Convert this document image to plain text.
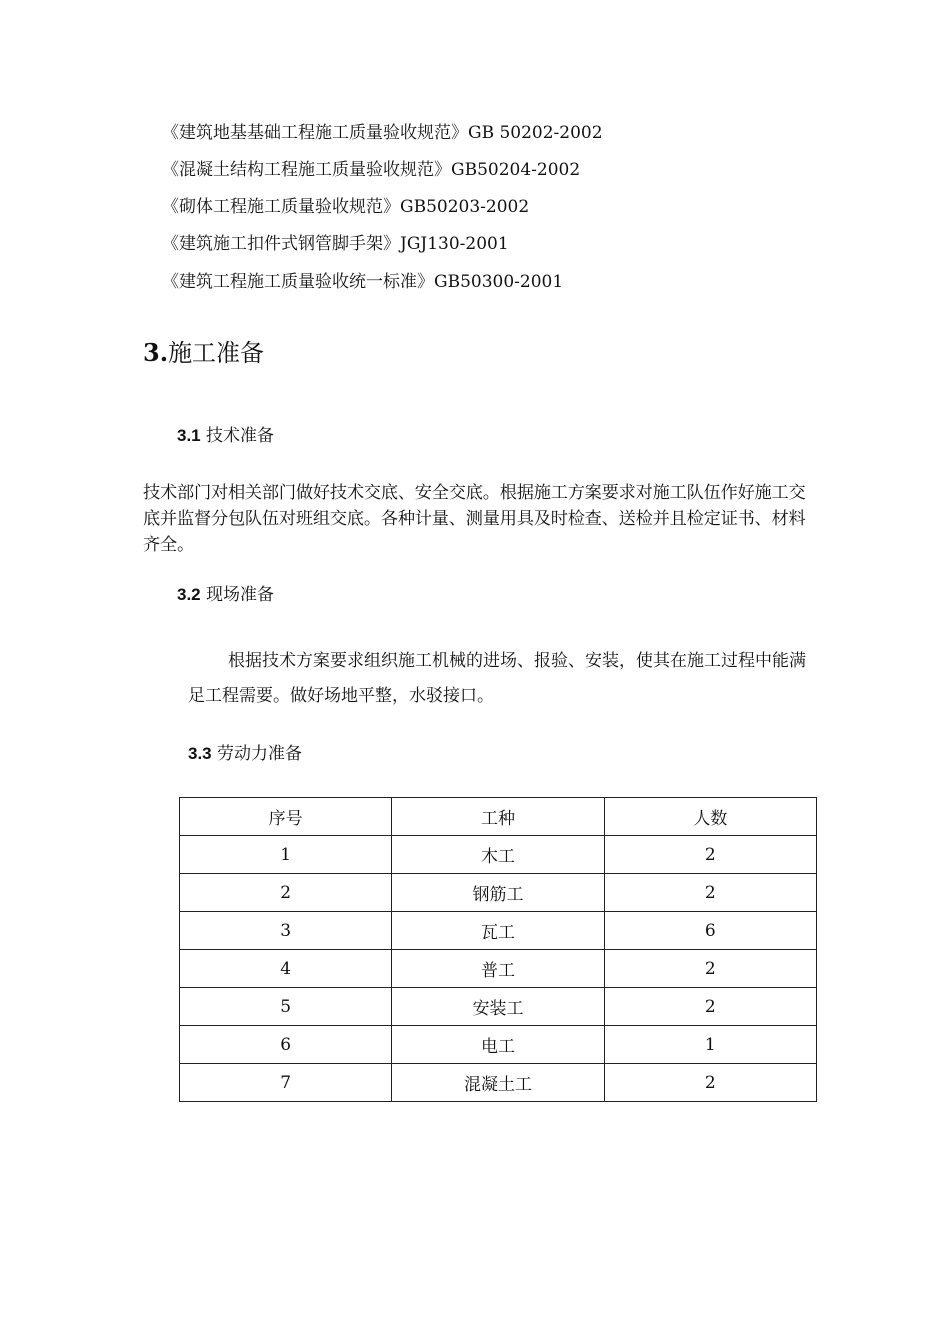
《建筑地基基础工程施工质量验收规范》GB 50202-2002
《混凝土结构工程施工质量验收规范》GB50204-2002
《砌体工程施工质量验收规范》GB50203-2002
《建筑施工扣件式钢管脚手架》JGJ130-2001
《建筑工程施工质量验收统一标准》GB50300-2001
3.施工准备
3.1 技术准备
技术部门对相关部门做好技术交底、安全交底。根据施工方案要求对施工队伍作好施工交底并监督分包队伍对班组交底。各种计量、测量用具及时检查、送检并且检定证书、材料齐全。
3.2 现场准备
根据技术方案要求组织施工机械的进场、报验、安装，使其在施工过程中能满足工程需要。做好场地平整，水驳接口。
3.3 劳动力准备
序号	工种	人数
1	木工	2
2	钢筋工	2
3	瓦工	6
4	普工	2
5	安装工	2
6	电工	1
7	混凝土工	2
